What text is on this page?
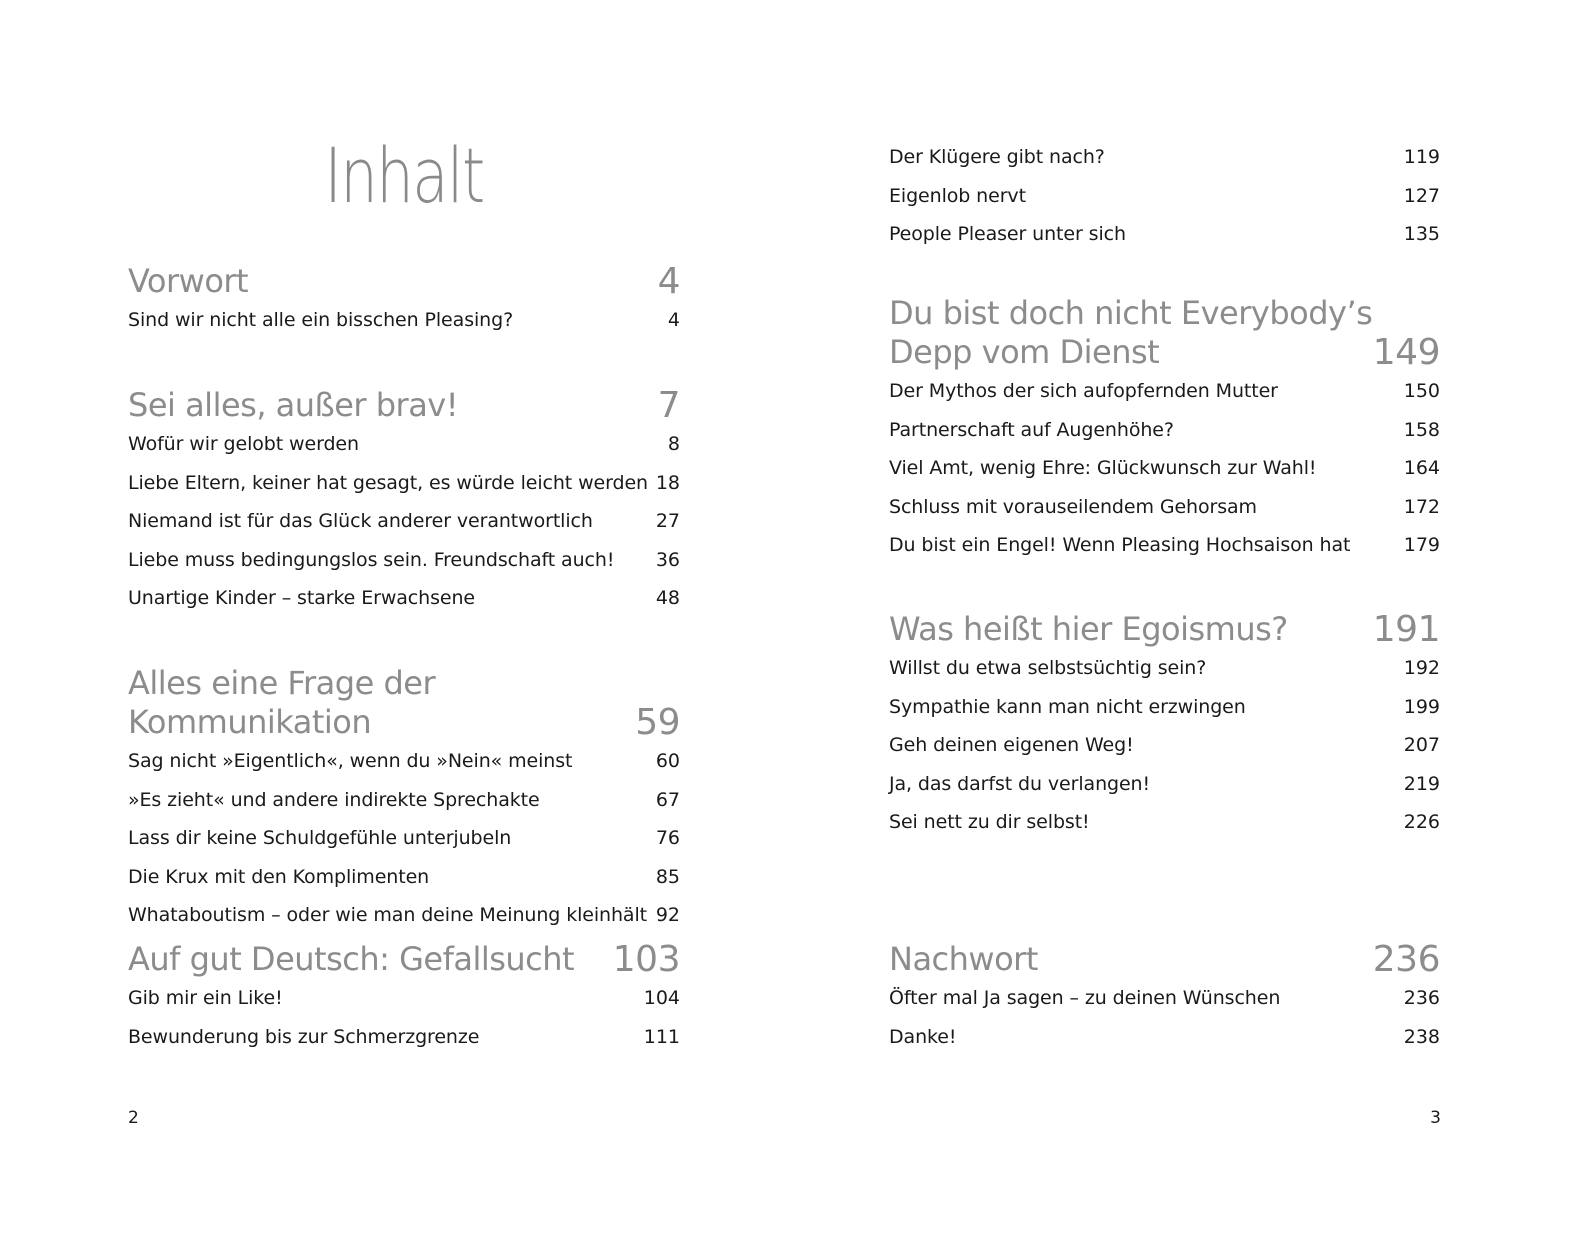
Inhalt
Vorwort	4
Sind wir nicht alle ein bisschen Pleasing?	4
Sei alles, außer brav!	7
Wofür wir gelobt werden	8
Liebe Eltern, keiner hat gesagt, es würde leicht werden 18
Niemand ist für das Glück anderer verantwortlich	27
Liebe muss bedingungslos sein. Freundschaft auch! 36
Unartige Kinder – starke Erwachsene	48
Alles eine Frage der Kommunikation	59
Sag nicht »Eigentlich«, wenn du »Nein« meinst	60
»Es zieht« und andere indirekte Sprechakte	67
Lass dir keine Schuldgefühle unterjubeln	76
Die Krux mit den Komplimenten	85
Whataboutism – oder wie man deine Meinung kleinhält 92
Auf gut Deutsch: Gefallsucht 103
Gib mir ein Like!	104
Bewunderung bis zur Schmerzgrenze	111
2
Der Klügere gibt nach?	119
Eigenlob nervt	127
People Pleaser unter sich	135
Du bist doch nicht Everybody’s
Depp vom Dienst	149
Der Mythos der sich aufopfernden Mutter	150
Partnerschaft auf Augenhöhe?	158
Viel Amt, wenig Ehre: Glückwunsch zur Wahl!	164
Schluss mit vorauseilendem Gehorsam	172
Du bist ein Engel! Wenn Pleasing Hochsaison hat	179
Was heißt hier Egoismus? 191
Willst du etwa selbstsüchtig sein?	192
Sympathie kann man nicht erzwingen	199
Geh deinen eigenen Weg!	207
Ja, das darfst du verlangen!	219
Sei nett zu dir selbst!	226
Nachwort	236
Öfter mal Ja sagen – zu deinen Wünschen	236
Danke!	238
3
